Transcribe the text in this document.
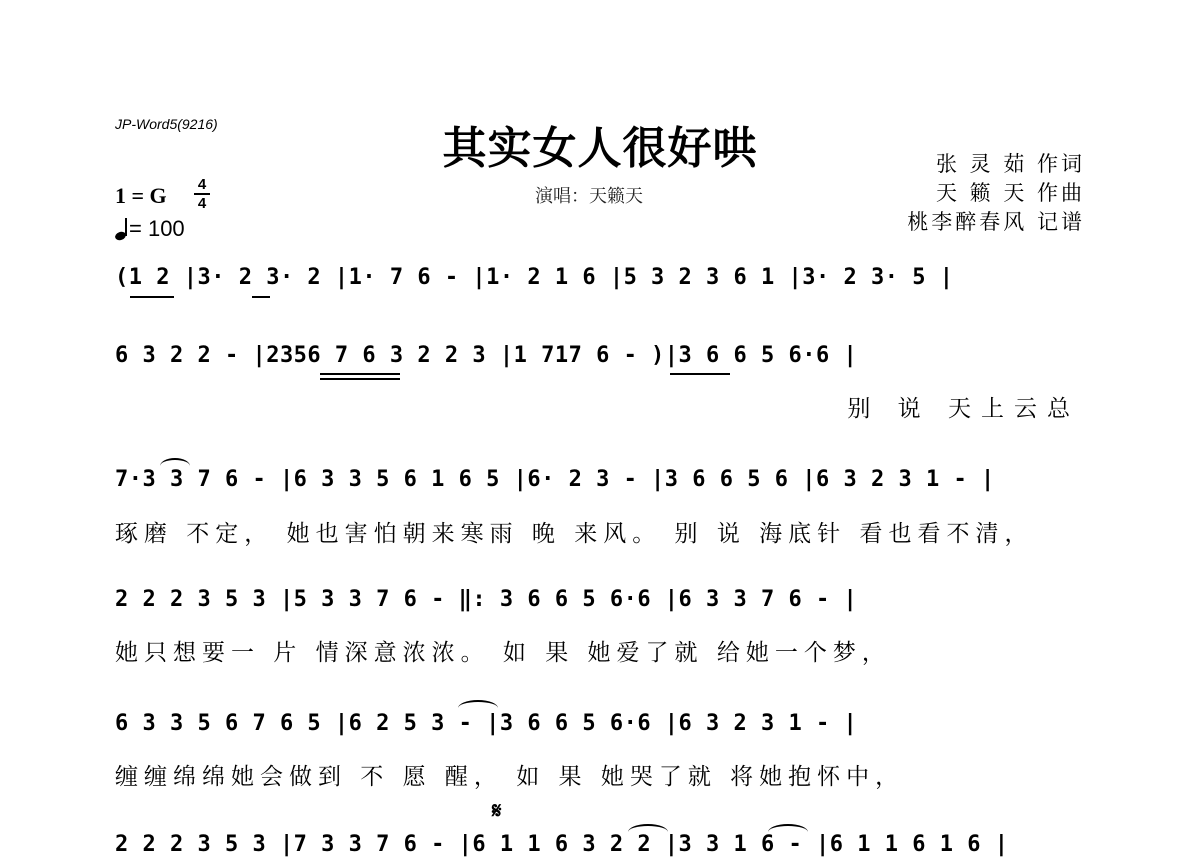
JP-Word5(9216)	其实女人很好哄
演唱：天籁天
张 灵 茹 作词
天 籁 天 作曲
桃李醉春风 记谱
1 = G 4
4
= 100
(1 2 |3· 2 3· 2 |1· 7 6 - |1· 2 1 6 |5 3 2 3 6 1 |3· 2 3· 5 |
6 3 2 2 - |2356 7 6 3 2 2 3 |1 717 6 - )|3 6 6 5 6·6 |
别 说 天上云总
7·3 3 7 6 - |6 3 3 5 6 1 6 5 |6· 2 3 - |3 6 6 5 6 |6 3 2 3 1 - |
琢磨 不定， 她也害怕朝来寒雨 晚 来风。 别 说 海底针 看也看不清，
2 2 2 3 5 3 |5 3 3 7 6 - ‖: 3 6 6 5 6·6 |6 3 3 7 6 - |
她只想要一 片 情深意浓浓。 如 果 她爱了就 给她一个梦，
6 3 3 5 6 7 6 5 |6 2 5 3 - |3 6 6 5 6·6 |6 3 2 3 1 - |
缠缠绵绵她会做到 不 愿 醒， 如 果 她哭了就 将她抱怀中，
𝄋
2 2 2 3 5 3 |7 3 3 7 6 - |6 1 1 6 3 2 2 |3 3 1 6 - |6 1 1 6 1 6 |
